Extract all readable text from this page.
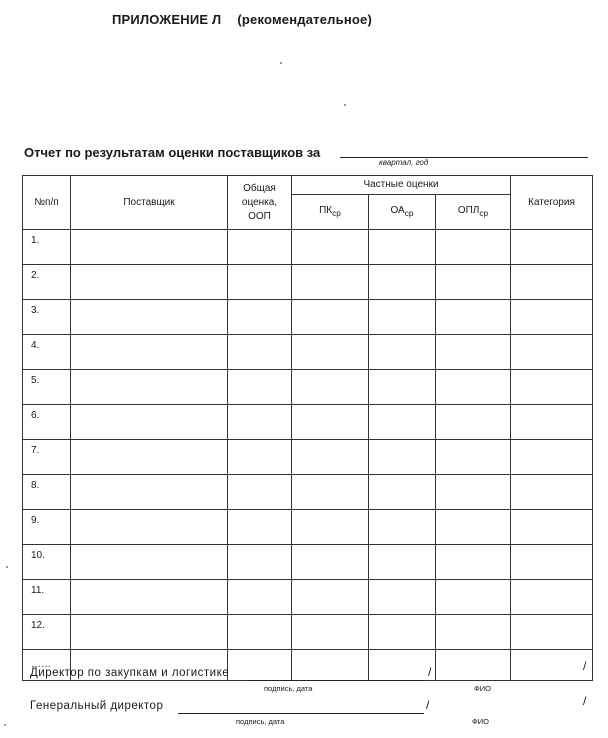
ПРИЛОЖЕНИЕ Л (рекомендательное)
Отчет по результатам оценки поставщиков за
квартал, год
№п/п	Поставщик	Общая
оценка,
ООП	Частные оценки			Категория
			$ПК_{ср}$	$ОА_{ср}$	$ОПЛ_{ср}$
1.						
2.						
3.						
4.						
5.						
6.						
7.						
8.						
9.						
10.						
11.						
12.						
……						
Директор по закупкам и логистике	/
подпись, дата	ФИО
/
Генеральный директор	/
подпись, дата	ФИО
/
